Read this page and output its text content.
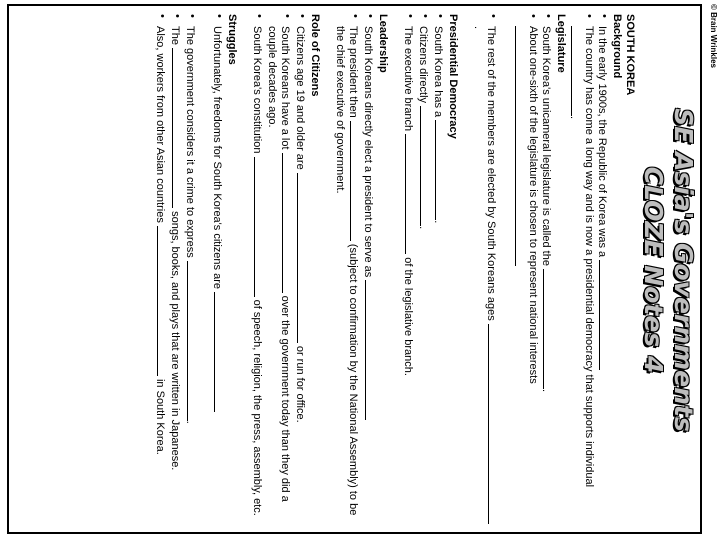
© Brain Wrinkles
SE Asia's Governments
CLOZE Notes 4
SOUTH KOREA
Background
• In the early 1900s, the Republic of Korea was a
• The country has come a long way and is now a presidential democracy that supports individual .
Legislature
• South Korea's unicameral legislature is called the .
• About one-sixth of the legislature is chosen to represent national interests
• The rest of the members are elected by South Koreans ages .
Presidential Democracy
• South Korea has a .
• Citizens directly .
• The executive branch  of the legislative branch.
Leadership
• South Koreans directly elect a president to serve as
• The president then  (subject to confirmation by the National Assembly) to be the chief executive of government.
Role of Citizens
• Citizens age 19 and older are  or run for office.
• South Koreans have a lot  over the government today than they did a couple decades ago.
• South Korea's constitution  of speech, religion, the press, assembly, etc.
Struggles
• Unfortunately, freedoms for South Korea's citizens are
• The government considers it a crime to express .
• The  songs, books, and plays that are written in Japanese.
• Also, workers from other Asian countries  in South Korea.
